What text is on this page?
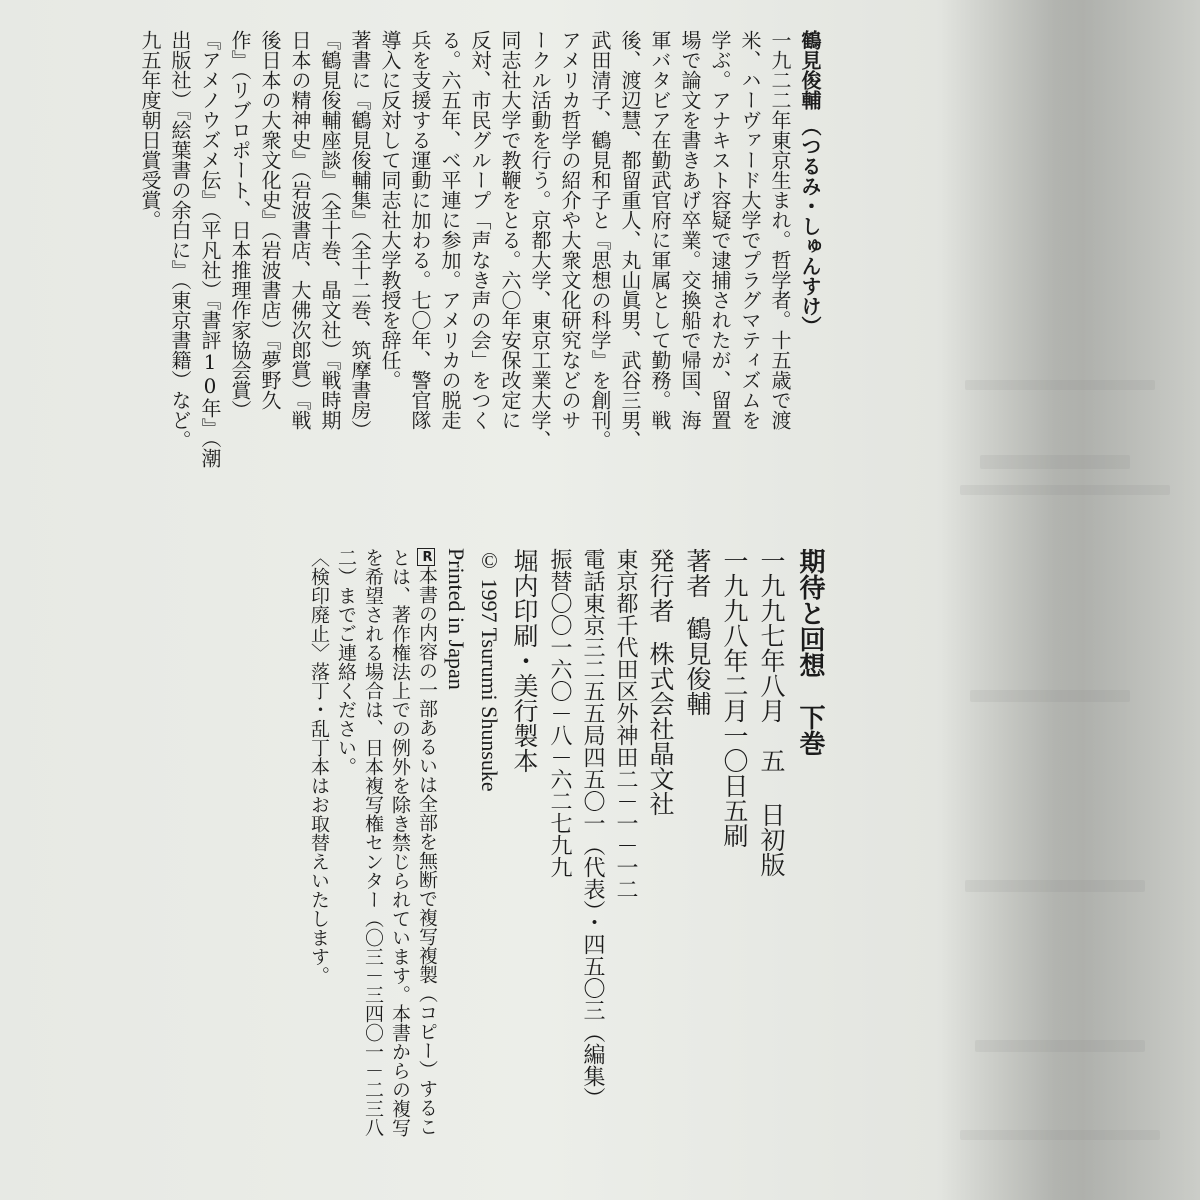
鶴見俊輔（つるみ・しゅんすけ）
一九二二年東京生まれ。哲学者。十五歳で渡
米、ハーヴァード大学でプラグマティズムを
学ぶ。アナキスト容疑で逮捕されたが、留置
場で論文を書きあげ卒業。交換船で帰国、海
軍バタビア在勤武官府に軍属として勤務。戦
後、渡辺慧、都留重人、丸山眞男、武谷三男、
武田清子、鶴見和子と『思想の科学』を創刊。
アメリカ哲学の紹介や大衆文化研究などのサ
ークル活動を行う。京都大学、東京工業大学、
同志社大学で教鞭をとる。六〇年安保改定に
反対、市民グループ「声なき声の会」をつく
る。六五年、べ平連に参加。アメリカの脱走
兵を支援する運動に加わる。七〇年、警官隊
導入に反対して同志社大学教授を辞任。
著書に『鶴見俊輔集』（全十二巻、筑摩書房）
『鶴見俊輔座談』（全十巻、晶文社）『戦時期
日本の精神史』（岩波書店、大佛次郎賞）『戦
後日本の大衆文化史』（岩波書店）『夢野久
作』（リブロポート、日本推理作家協会賞）
『アメノウズメ伝』（平凡社）『書評10年』（潮
出版社）『絵葉書の余白に』（東京書籍）など。
九五年度朝日賞受賞。
期待と回想下巻
一九九七年八月　五 日初版
一九九八年二月一〇日五刷
著者鶴見俊輔
発行者株式会社晶文社
東京都千代田区外神田二－一－一二
電話東京三二五五局四五〇一（代表）・四五〇三（編集）
振替〇〇一六〇－八－六二七九九
堀内印刷・美行製本
© 1997 Tsurumi Shunsuke
Printed in Japan
R本書の内容の一部あるいは全部を無断で複写複製（コピー）するこ
とは、著作権法上での例外を除き禁じられています。本書からの複写
を希望される場合は、日本複写権センター（〇三－三四〇一－二三八
二）までご連絡ください。
〈検印廃止〉落丁・乱丁本はお取替えいたします。
